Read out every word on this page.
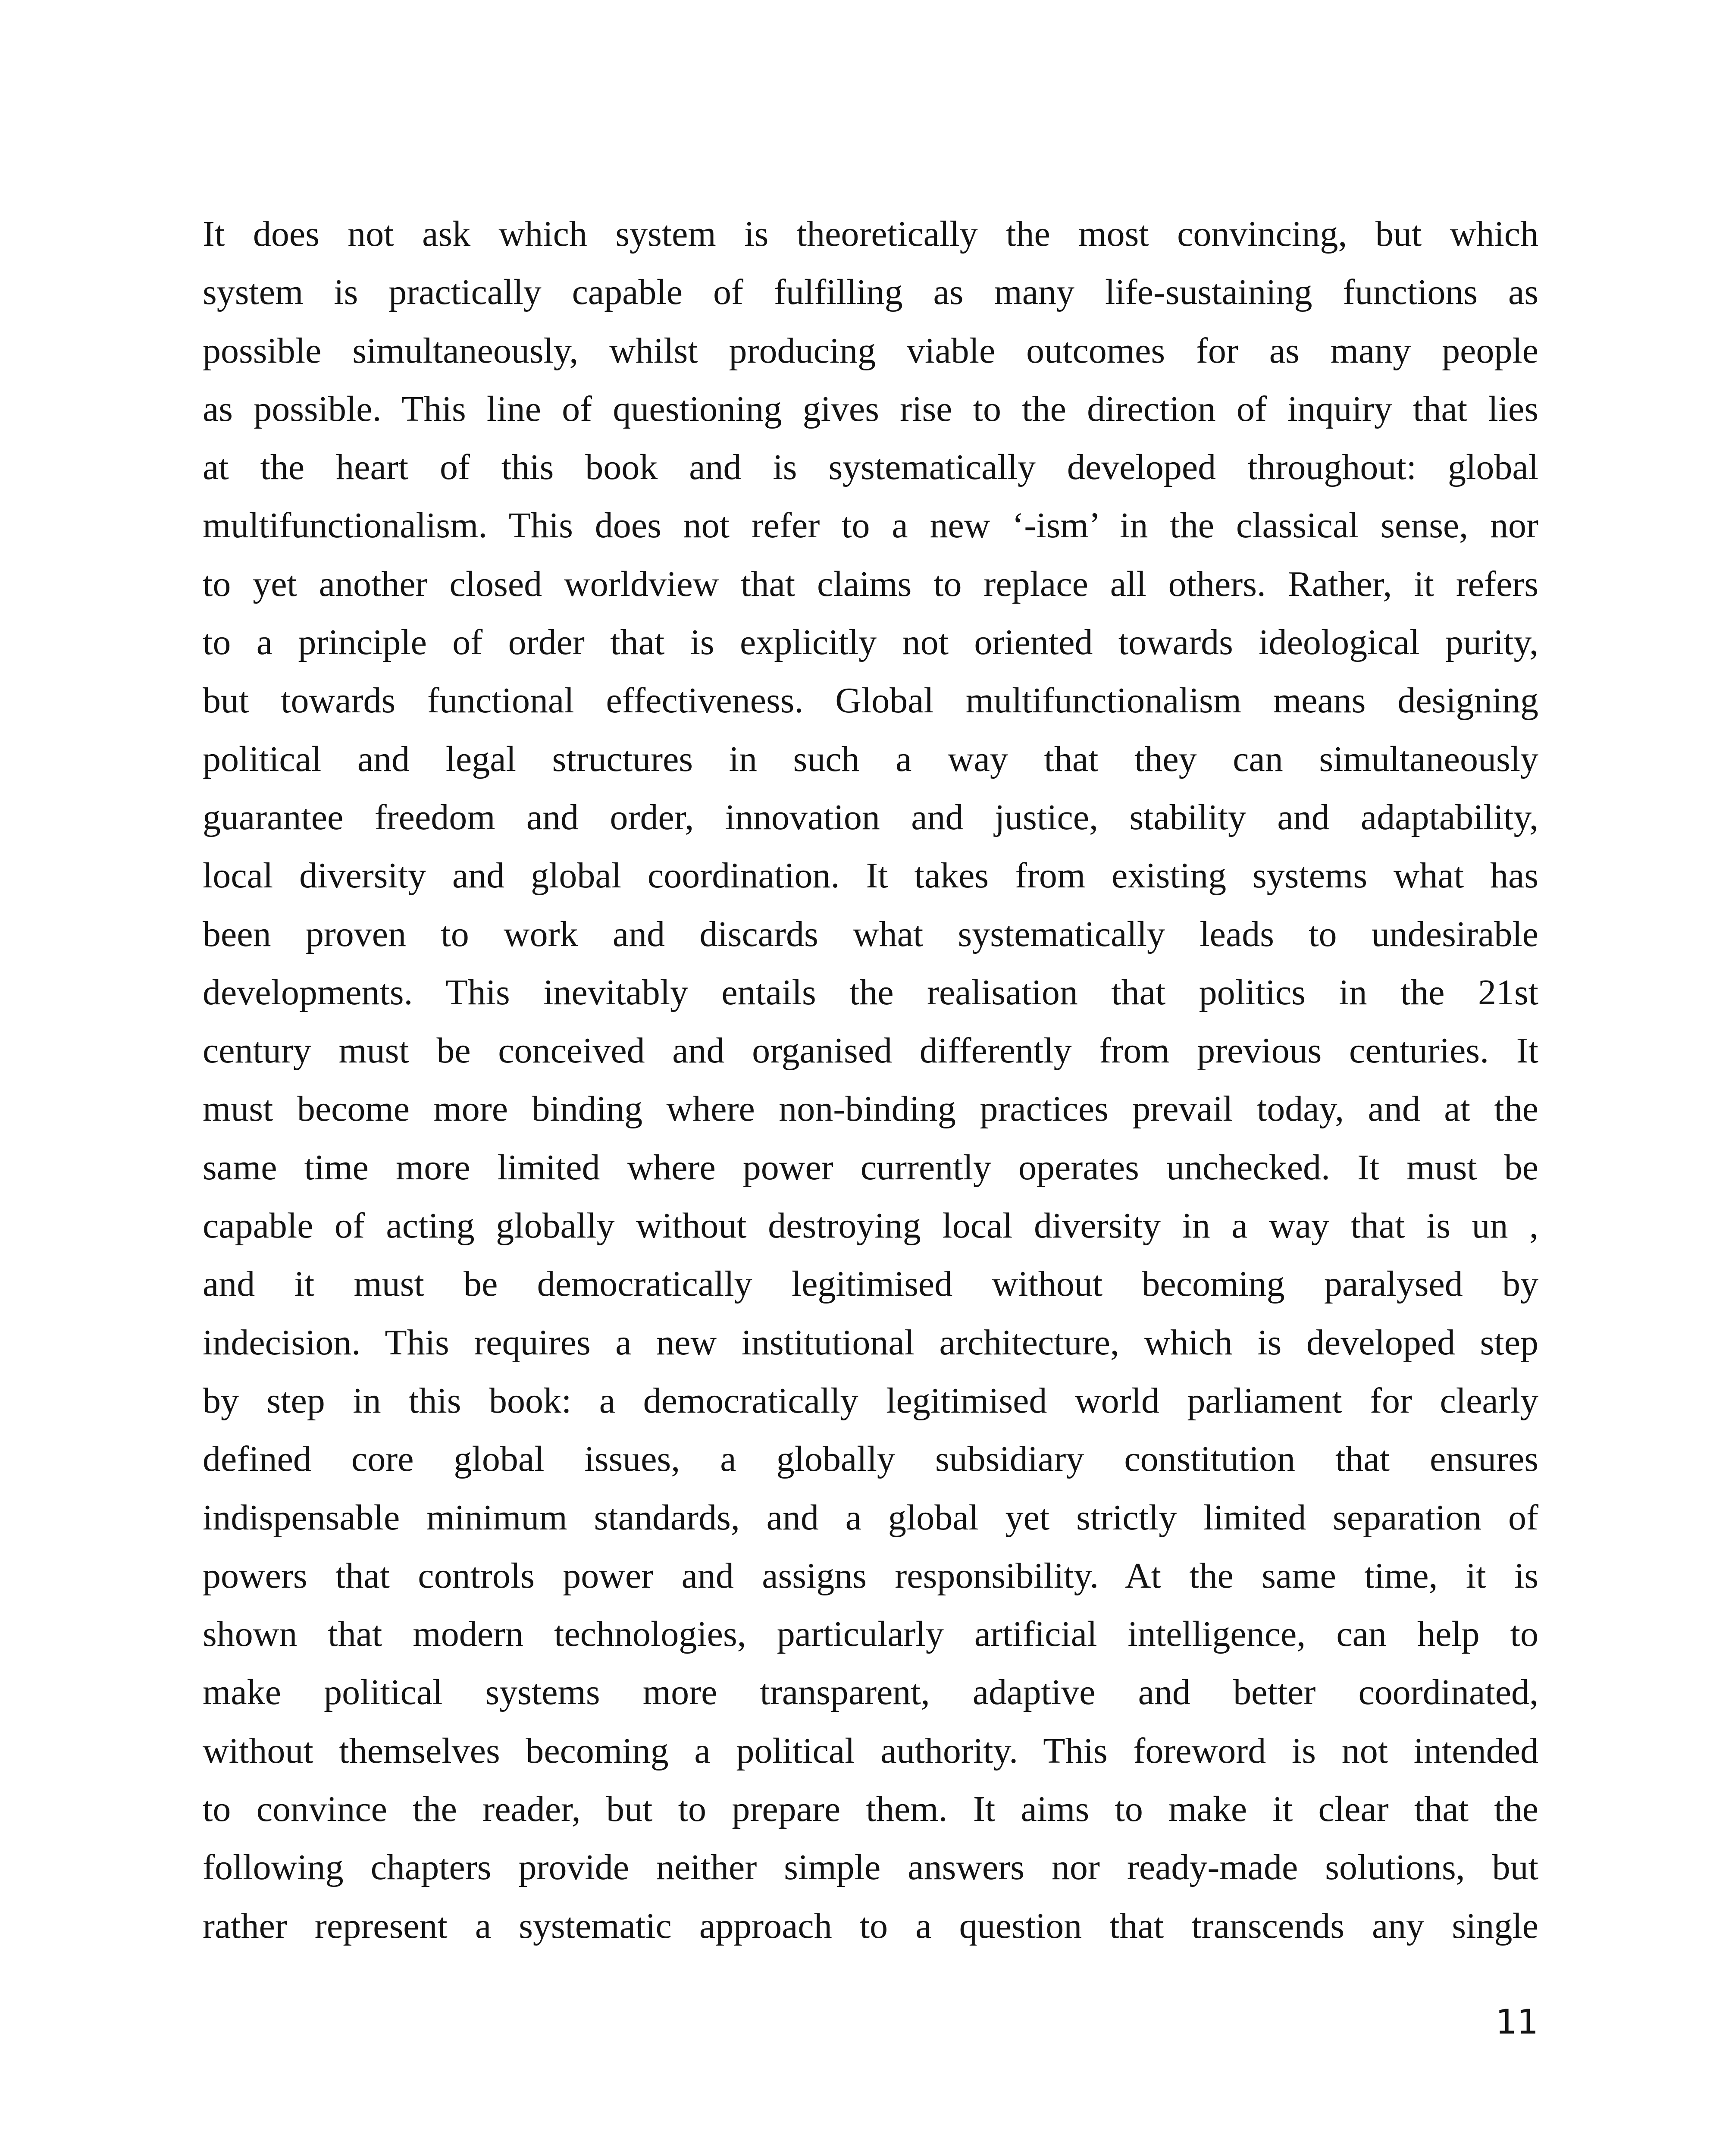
It does not ask which system is theoretically the most convincing, but which
system is practically capable of fulfilling as many life-sustaining functions as
possible simultaneously, whilst producing viable outcomes for as many people
as possible. This line of questioning gives rise to the direction of inquiry that lies
at the heart of this book and is systematically developed throughout: global
multifunctionalism. This does not refer to a new ‘-ism’ in the classical sense, nor
to yet another closed worldview that claims to replace all others. Rather, it refers
to a principle of order that is explicitly not oriented towards ideological purity,
but towards functional effectiveness. Global multifunctionalism means designing
political and legal structures in such a way that they can simultaneously
guarantee freedom and order, innovation and justice, stability and adaptability,
local diversity and global coordination. It takes from existing systems what has
been proven to work and discards what systematically leads to undesirable
developments. This inevitably entails the realisation that politics in the 21st
century must be conceived and organised differently from previous centuries. It
must become more binding where non-binding practices prevail today, and at the
same time more limited where power currently operates unchecked. It must be
capable of acting globally without destroying local diversity in a way that is un ,
and it must be democratically legitimised without becoming paralysed by
indecision. This requires a new institutional architecture, which is developed step
by step in this book: a democratically legitimised world parliament for clearly
defined core global issues, a globally subsidiary constitution that ensures
indispensable minimum standards, and a global yet strictly limited separation of
powers that controls power and assigns responsibility. At the same time, it is
shown that modern technologies, particularly artificial intelligence, can help to
make political systems more transparent, adaptive and better coordinated,
without themselves becoming a political authority. This foreword is not intended
to convince the reader, but to prepare them. It aims to make it clear that the
following chapters provide neither simple answers nor ready-made solutions, but
rather represent a systematic approach to a question that transcends any single

11
